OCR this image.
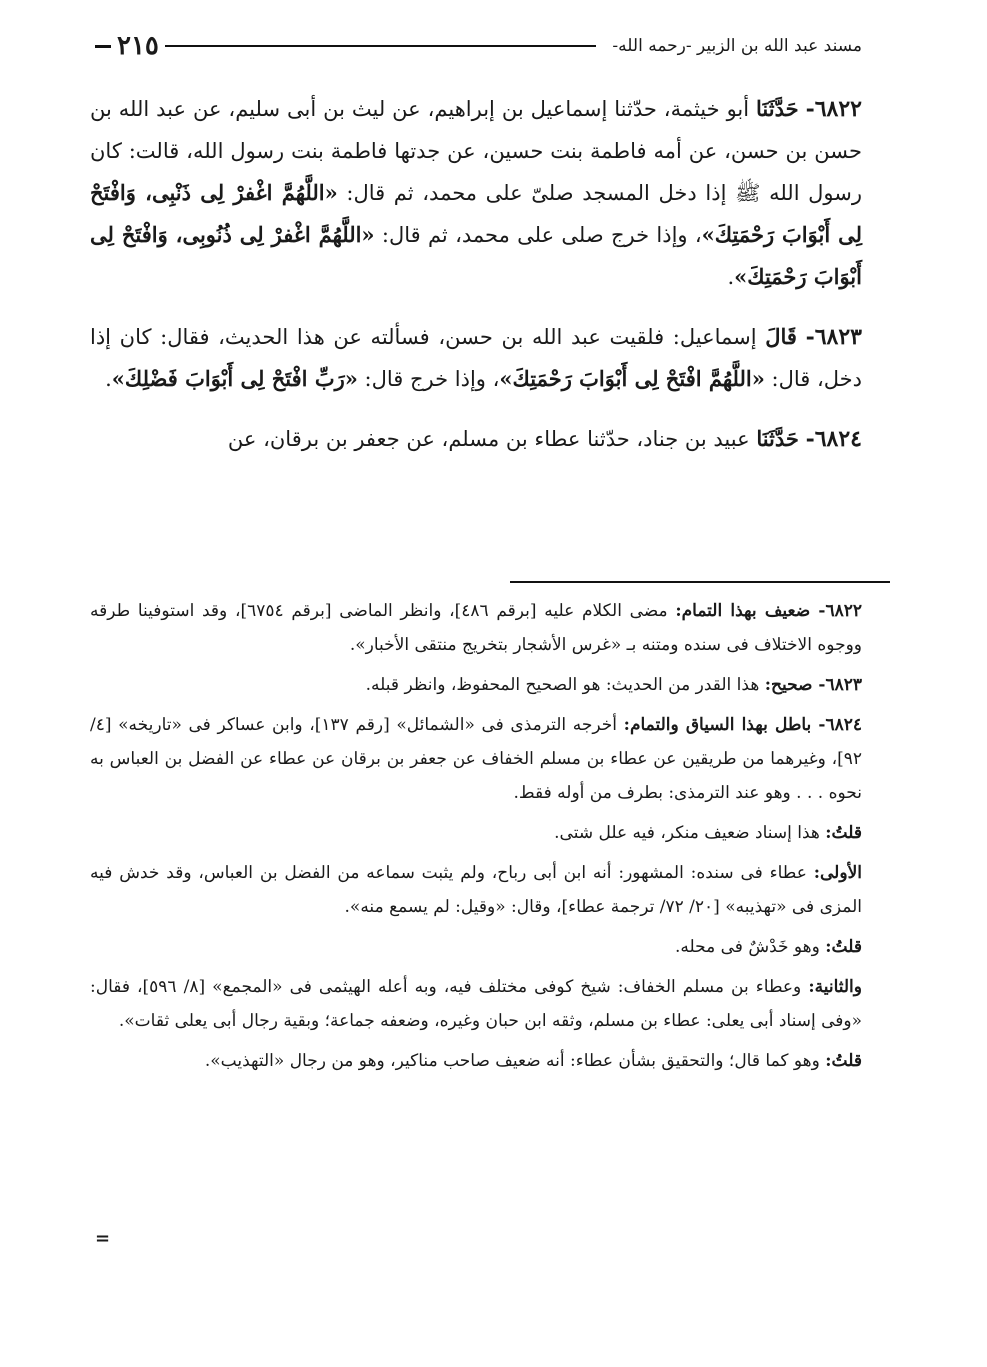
مسند عبد الله بن الزبير -رحمه الله-
٢١٥

٦٨٢٢- حَدَّثَنَا أبو خيثمة، حدّثنا إسماعيل بن إبراهيم، عن ليث بن أبى سليم، عن عبد الله بن حسن بن حسن، عن أمه فاطمة بنت حسين، عن جدتها فاطمة بنت رسول الله، قالت: كان رسول الله ﷺ إذا دخل المسجد صلىّ على محمد، ثم قال: «اللَّهُمَّ اغْفرْ لِى ذَنْبِى، وَافْتَحْ لِى أَبْوَابَ رَحْمَتِكَ»، وإذا خرج صلى على محمد، ثم قال: «اللَّهُمَّ اغْفرْ لِى ذُنُوبِى، وَافْتَحْ لِى أَبْوَابَ رَحْمَتِكَ».

٦٨٢٣- قَالَ إسماعيل: فلقيت عبد الله بن حسن، فسألته عن هذا الحديث، فقال: كان إذا دخل، قال: «اللَّهُمَّ افْتَحْ لِى أَبْوَابَ رَحْمَتِكَ»، وإذا خرج قال: «رَبِّ افْتَحْ لِى أَبْوَابَ فَضْلِكَ».

٦٨٢٤- حَدَّثَنَا عبيد بن جناد، حدّثنا عطاء بن مسلم، عن جعفر بن برقان، عن

٦٨٢٢- ضعيف بهذا التمام: مضى الكلام عليه [برقم ٤٨٦]، وانظر الماضى [برقم ٦٧٥٤]، وقد استوفينا طرقه ووجوه الاختلاف فى سنده ومتنه بـ «غرس الأشجار بتخريج منتقى الأخبار».

٦٨٢٣- صحيح: هذا القدر من الحديث: هو الصحيح المحفوظ، وانظر قبله.

٦٨٢٤- باطل بهذا السياق والتمام: أخرجه الترمذى فى «الشمائل» [رقم ١٣٧]، وابن عساكر فى «تاريخه» [٤/ ٩٢]، وغيرهما من طريقين عن عطاء بن مسلم الخفاف عن جعفر بن برقان عن عطاء عن الفضل بن العباس به نحوه . . . وهو عند الترمذى: بطرف من أوله فقط.

قلتُ: هذا إسناد ضعيف منكر، فيه علل شتى.

الأولى: عطاء فى سنده: المشهور: أنه ابن أبى رباح، ولم يثبت سماعه من الفضل بن العباس، وقد خدش فيه المزى فى «تهذيبه» [٢٠/ ٧٢/ ترجمة عطاء]، وقال: «وقيل: لم يسمع منه».

قلتُ: وهو خَدْشٌ فى محله.

والثانية: وعطاء بن مسلم الخفاف: شيخ كوفى مختلف فيه، وبه أعله الهيثمى فى «المجمع» [٨/ ٥٩٦]، فقال: «وفى إسناد أبى يعلى: عطاء بن مسلم، وثقه ابن حبان وغيره، وضعفه جماعة؛ وبقية رجال أبى يعلى ثقات».

قلتُ: وهو كما قال؛ والتحقيق بشأن عطاء: أنه ضعيف صاحب مناكير، وهو من رجال «التهذيب».

=
